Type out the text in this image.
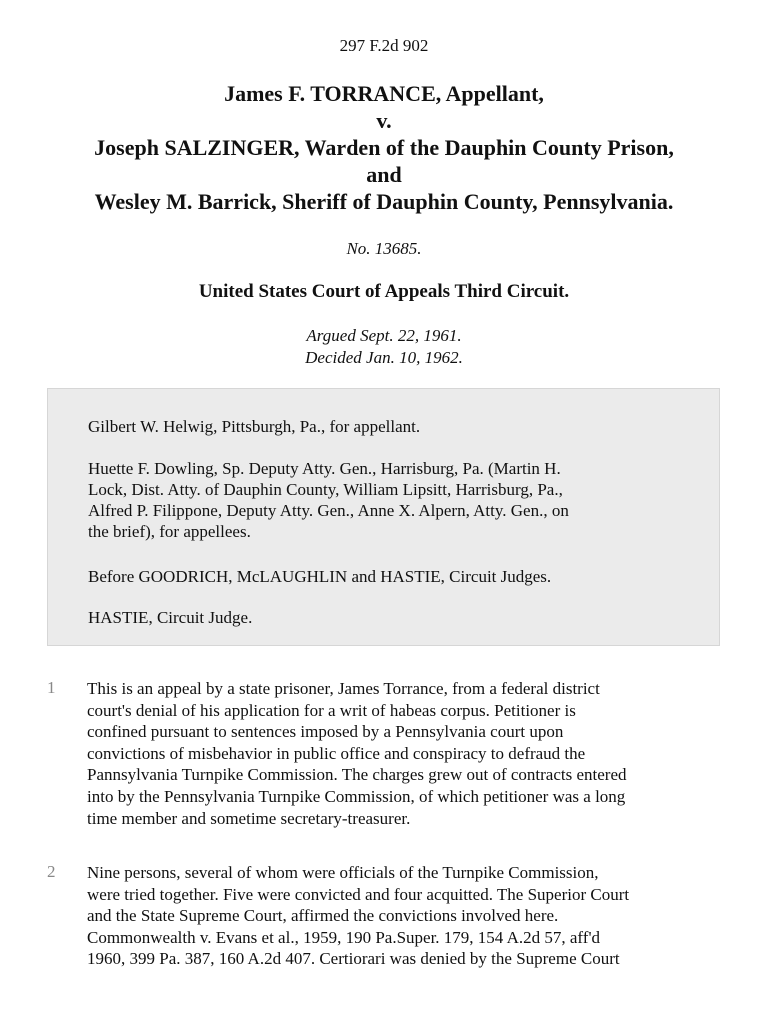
297 F.2d 902
James F. TORRANCE, Appellant,
v.
Joseph SALZINGER, Warden of the Dauphin County Prison,
and
Wesley M. Barrick, Sheriff of Dauphin County, Pennsylvania.
No. 13685.
United States Court of Appeals Third Circuit.
Argued Sept. 22, 1961.
Decided Jan. 10, 1962.
Gilbert W. Helwig, Pittsburgh, Pa., for appellant.
Huette F. Dowling, Sp. Deputy Atty. Gen., Harrisburg, Pa. (Martin H.
Lock, Dist. Atty. of Dauphin County, William Lipsitt, Harrisburg, Pa.,
Alfred P. Filippone, Deputy Atty. Gen., Anne X. Alpern, Atty. Gen., on
the brief), for appellees.
Before GOODRICH, McLAUGHLIN and HASTIE, Circuit Judges.
HASTIE, Circuit Judge.
1 This is an appeal by a state prisoner, James Torrance, from a federal district
court's denial of his application for a writ of habeas corpus. Petitioner is
confined pursuant to sentences imposed by a Pennsylvania court upon
convictions of misbehavior in public office and conspiracy to defraud the
Pannsylvania Turnpike Commission. The charges grew out of contracts entered
into by the Pennsylvania Turnpike Commission, of which petitioner was a long
time member and sometime secretary-treasurer.
2 Nine persons, several of whom were officials of the Turnpike Commission,
were tried together. Five were convicted and four acquitted. The Superior Court
and the State Supreme Court, affirmed the convictions involved here.
Commonwealth v. Evans et al., 1959, 190 Pa.Super. 179, 154 A.2d 57, aff'd
1960, 399 Pa. 387, 160 A.2d 407. Certiorari was denied by the Supreme Court
